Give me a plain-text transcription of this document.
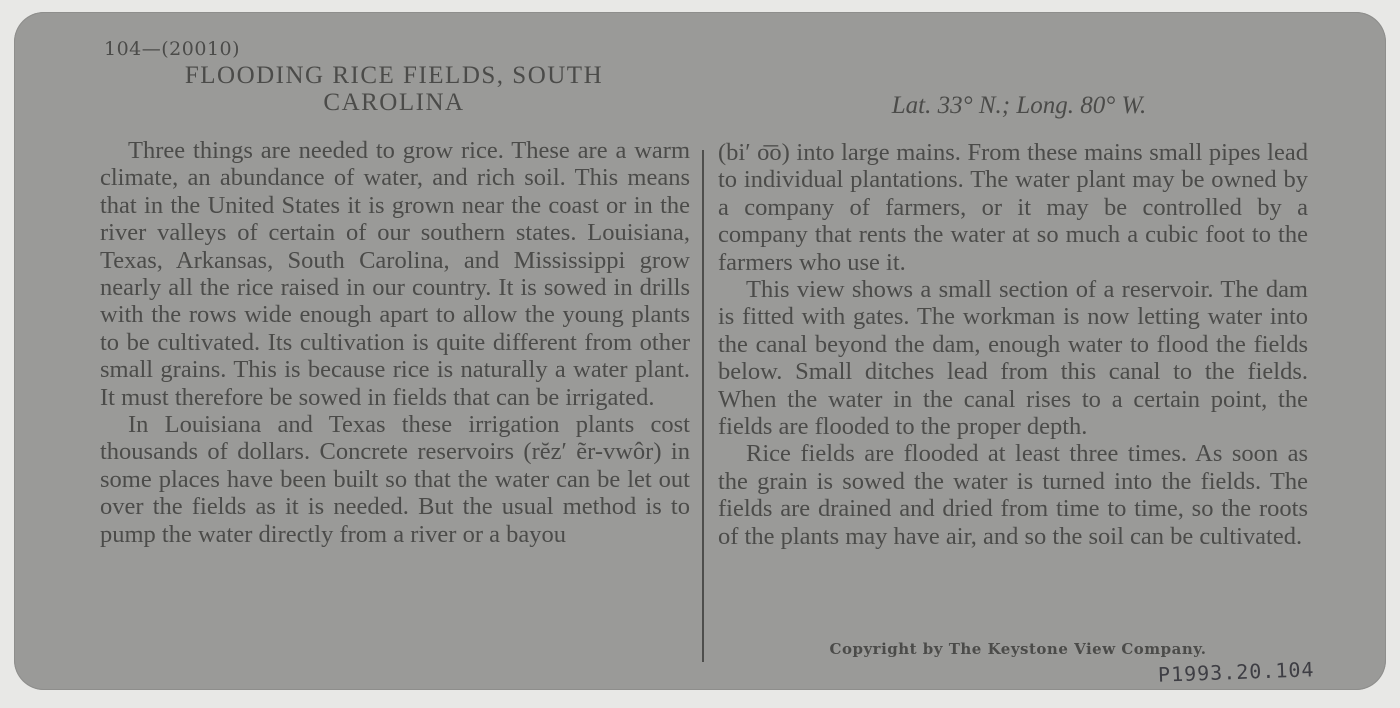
104—(20010)
FLOODING RICE FIELDS, SOUTH
CAROLINA	Lat. 33° N.; Long. 80° W.

Three things are needed to grow rice. These are a warm climate, an abundance of water, and rich soil. This means that in the United States it is grown near the coast or in the river valleys of certain of our southern states. Louisiana, Texas, Arkansas, South Carolina, and Mississippi grow nearly all the rice raised in our country. It is sowed in drills with the rows wide enough apart to allow the young plants to be cultivated. Its cultivation is quite different from other small grains. This is because rice is naturally a water plant. It must therefore be sowed in fields that can be irrigated.

In Louisiana and Texas these irrigation plants cost thousands of dollars. Concrete reservoirs (rĕz′ ẽr-vwôr) in some places have been built so that the water can be let out over the fields as it is needed. But the usual method is to pump the water directly from a river or a bayou

(bi′ o͞o) into large mains. From these mains small pipes lead to individual plantations. The water plant may be owned by a company of farmers, or it may be controlled by a company that rents the water at so much a cubic foot to the farmers who use it.

This view shows a small section of a reservoir. The dam is fitted with gates. The workman is now letting water into the canal beyond the dam, enough water to flood the fields below. Small ditches lead from this canal to the fields. When the water in the canal rises to a certain point, the fields are flooded to the proper depth.

Rice fields are flooded at least three times. As soon as the grain is sowed the water is turned into the fields. The fields are drained and dried from time to time, so the roots of the plants may have air, and so the soil can be cultivated.

Copyright by The Keystone View Company.
P1993.20.104
